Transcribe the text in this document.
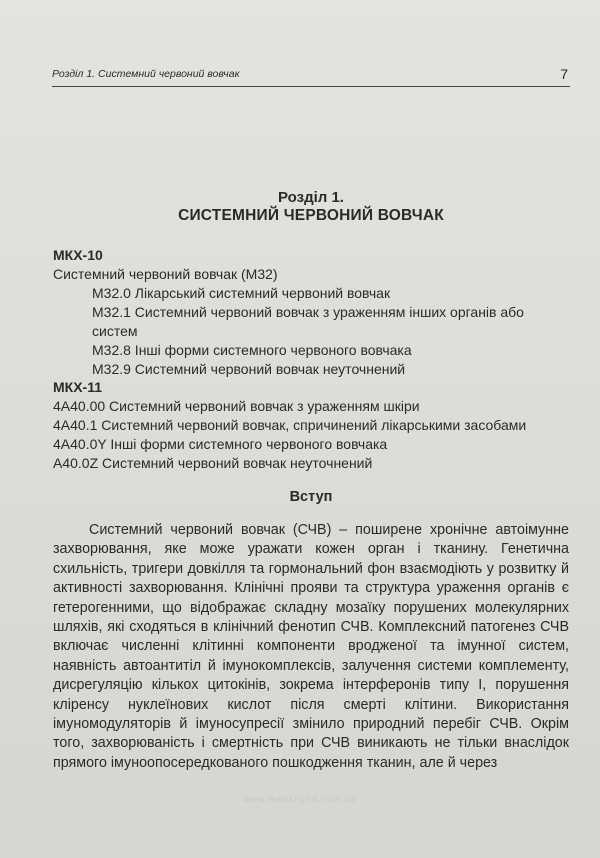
Розділ 1. Системний червоний вовчак	7
Розділ 1.
СИСТЕМНИЙ ЧЕРВОНИЙ ВОВЧАК
МКХ-10
Системний червоний вовчак (M32)
M32.0 Лікарський системний червоний вовчак
M32.1 Системний червоний вовчак з ураженням інших органів або
систем
M32.8 Інші форми системного червоного вовчака
M32.9 Системний червоний вовчак неуточнений
МКХ-11
4A40.00 Системний червоний вовчак з ураженням шкіри
4A40.1 Системний червоний вовчак, спричинений лікарськими засобами
4A40.0Y Інші форми системного червоного вовчака
A40.0Z Системний червоний вовчак неуточнений
Вступ
Системний червоний вовчак (СЧВ) – поширене хронічне автоімунне захворювання, яке може уражати кожен орган і тканину. Генетична схильність, тригери довкілля та гормональний фон взаємодіють у розвитку й активності захворювання. Клінічні прояви та структура ураження органів є гетерогенними, що відображає складну мозаїку порушених молекулярних шляхів, які сходяться в клінічний фенотип СЧВ. Комплексний патогенез СЧВ включає численні клітинні компоненти вродженої та імунної систем, наявність автоантитіл й імунокомплексів, залучення системи комплементу, дисрегуляцію кількох цитокінів, зокрема інтерферонів типу I, порушення кліренсу нуклеїнових кислот після смерті клітини. Використання імуномодуляторів й імуносупресії змінило природний перебіг СЧВ. Окрім того, захворюваність і смертність при СЧВ виникають не тільки внаслідок прямого імуноопосередкованого пошкодження тканин, але й через
www.medknyha.com.ua
